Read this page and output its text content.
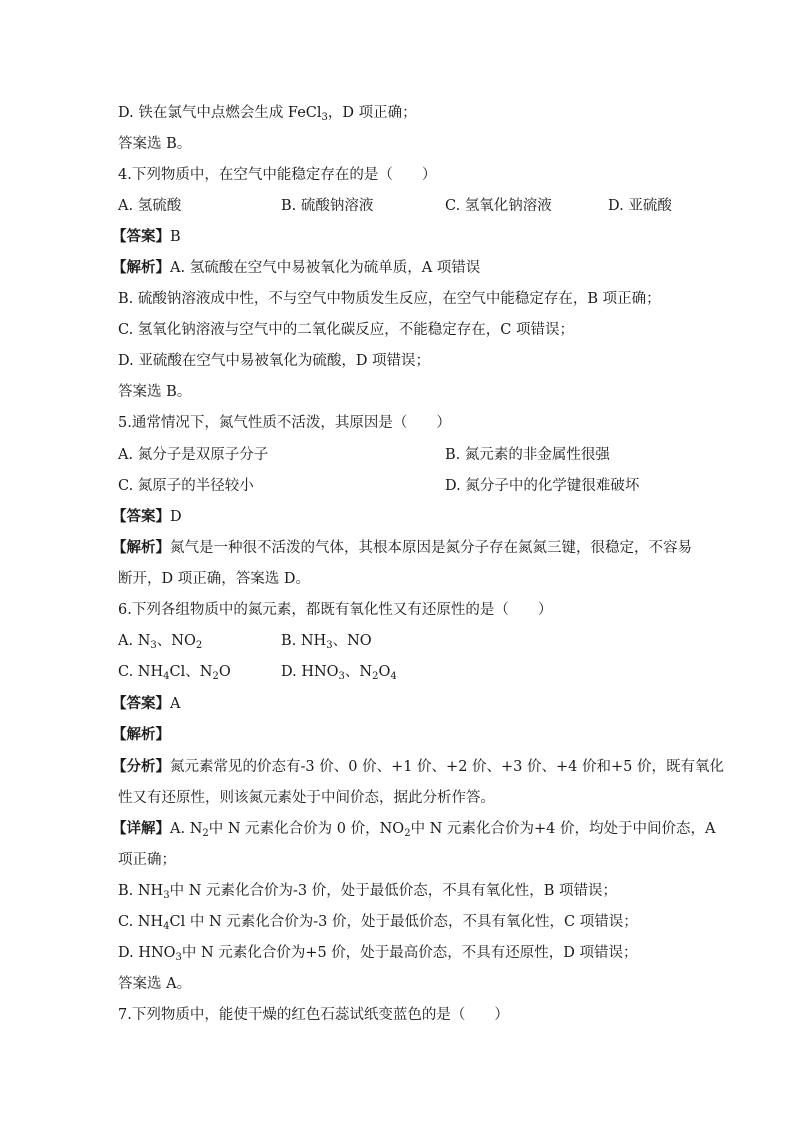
D. 铁在氯气中点燃会生成 FeCl$_3$，D 项正确；
答案选 B。
4.下列物质中，在空气中能稳定存在的是（　　）
A. 氢硫酸	B. 硫酸钠溶液	C. 氢氧化钠溶液	D. 亚硫酸
【答案】B
【解析】A. 氢硫酸在空气中易被氧化为硫单质，A 项错误
B. 硫酸钠溶液成中性，不与空气中物质发生反应，在空气中能稳定存在，B 项正确；
C. 氢氧化钠溶液与空气中的二氧化碳反应，不能稳定存在，C 项错误；
D. 亚硫酸在空气中易被氧化为硫酸，D 项错误；
答案选 B。
5.通常情况下，氮气性质不活泼，其原因是（　　）
A. 氮分子是双原子分子	B. 氮元素的非金属性很强
C. 氮原子的半径较小	D. 氮分子中的化学键很难破坏
【答案】D
【解析】氮气是一种很不活泼的气体，其根本原因是氮分子存在氮氮三键，很稳定，不容易
断开，D 项正确，答案选 D。
6.下列各组物质中的氮元素，都既有氧化性又有还原性的是（　　）
A. $N_3$、$NO_2$	B. $NH_3$、NO
C. $NH_4Cl$、$N_2O$	D. $HNO_3$、$N_2O_4$
【答案】A
【解析】
【分析】氮元素常见的价态有-3 价、0 价、+1 价、+2 价、+3 价、+4 价和+5 价，既有氧化
性又有还原性，则该氮元素处于中间价态，据此分析作答。
【详解】A. $N_2$中 N 元素化合价为 0 价，$NO_2$中 N 元素化合价为+4 价，均处于中间价态，A
项正确；
B. $NH_3$中 N 元素化合价为-3 价，处于最低价态，不具有氧化性，B 项错误；
C. $NH_4Cl$ 中 N 元素化合价为-3 价，处于最低价态，不具有氧化性，C 项错误；
D. $HNO_3$中 N 元素化合价为+5 价，处于最高价态，不具有还原性，D 项错误；
答案选 A。
7.下列物质中，能使干燥的红色石蕊试纸变蓝色的是（　　）
